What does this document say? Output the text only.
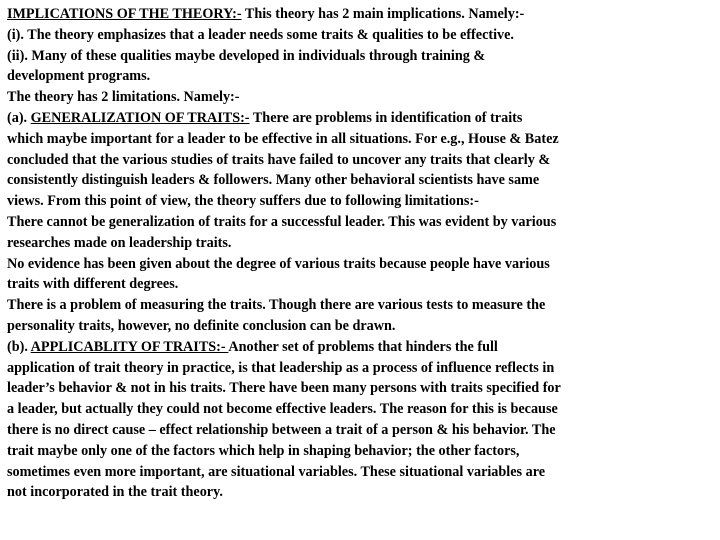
IMPLICATIONS OF THE THEORY:- This theory has 2 main implications. Namely:-
(i). The theory emphasizes that a leader needs some traits & qualities to be effective.
(ii). Many of these qualities maybe developed in individuals through training &
development programs.
The theory has 2 limitations. Namely:-
(a). GENERALIZATION OF TRAITS:- There are problems in identification of traits
which maybe important for a leader to be effective in all situations. For e.g., House & Batez
concluded that the various studies of traits have failed to uncover any traits that clearly &
consistently distinguish leaders & followers. Many other behavioral scientists have same
views. From this point of view, the theory suffers due to following limitations:-
There cannot be generalization of traits for a successful leader. This was evident by various
researches made on leadership traits.
No evidence has been given about the degree of various traits because people have various
traits with different degrees.
There is a problem of measuring the traits. Though there are various tests to measure the
personality traits, however, no definite conclusion can be drawn.
(b). APPLICABLITY OF TRAITS:- Another set of problems that hinders the full
application of trait theory in practice, is that leadership as a process of influence reflects in
leader’s behavior & not in his traits. There have been many persons with traits specified for
a leader, but actually they could not become effective leaders. The reason for this is because
there is no direct cause – effect relationship between a trait of a person & his behavior. The
trait maybe only one of the factors which help in shaping behavior; the other factors,
sometimes even more important, are situational variables. These situational variables are
not incorporated in the trait theory.
